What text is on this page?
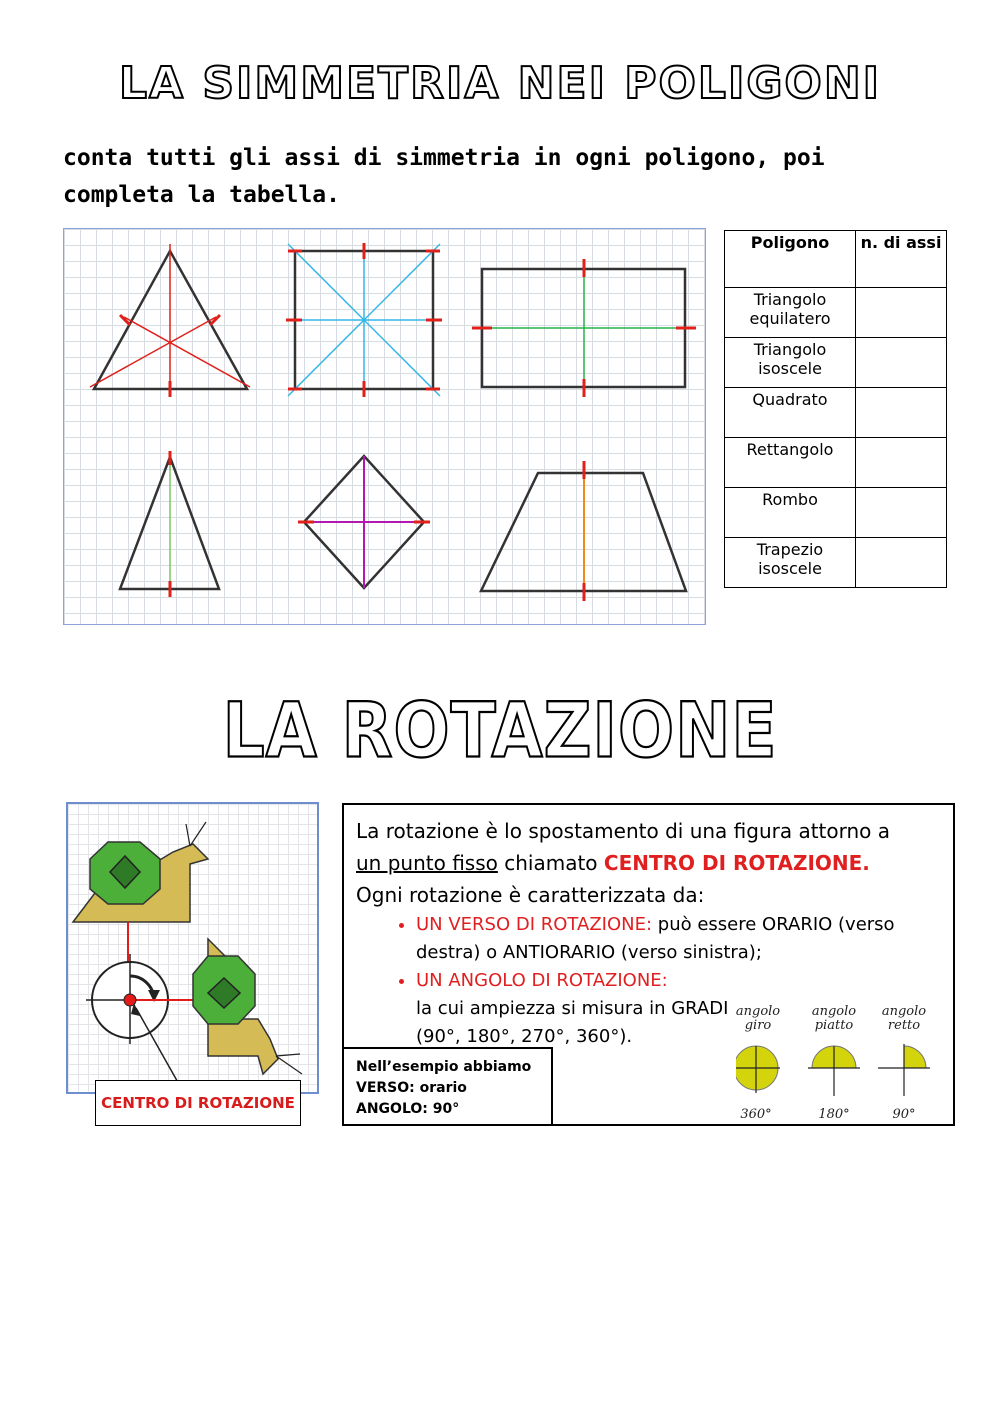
LA SIMMETRIA NEI POLIGONI

conta tutti gli assi di simmetria in ogni poligono, poi completa la tabella.

Poligono	n. di assi
Triangolo equilatero	
Triangolo isoscele	
Quadrato	
Rettangolo	
Rombo	
Trapezio isoscele	
LA ROTAZIONE
CENTRO DI ROTAZIONE
La rotazione è lo spostamento di una figura attorno a
un punto fisso chiamato CENTRO DI ROTAZIONE.
Ogni rotazione è caratterizzata da:
• UN VERSO DI ROTAZIONE: può essere ORARIO (verso destra) o ANTIORARIO (verso sinistra);
• UN ANGOLO DI ROTAZIONE:la cui ampiezza si misura in GRADI (90°, 180°, 270°, 360°).
angolo
giro
angolo
piatto
angolo
retto
360°	180°	90°
Nell’esempio abbiamo
VERSO: orario
ANGOLO: 90°
